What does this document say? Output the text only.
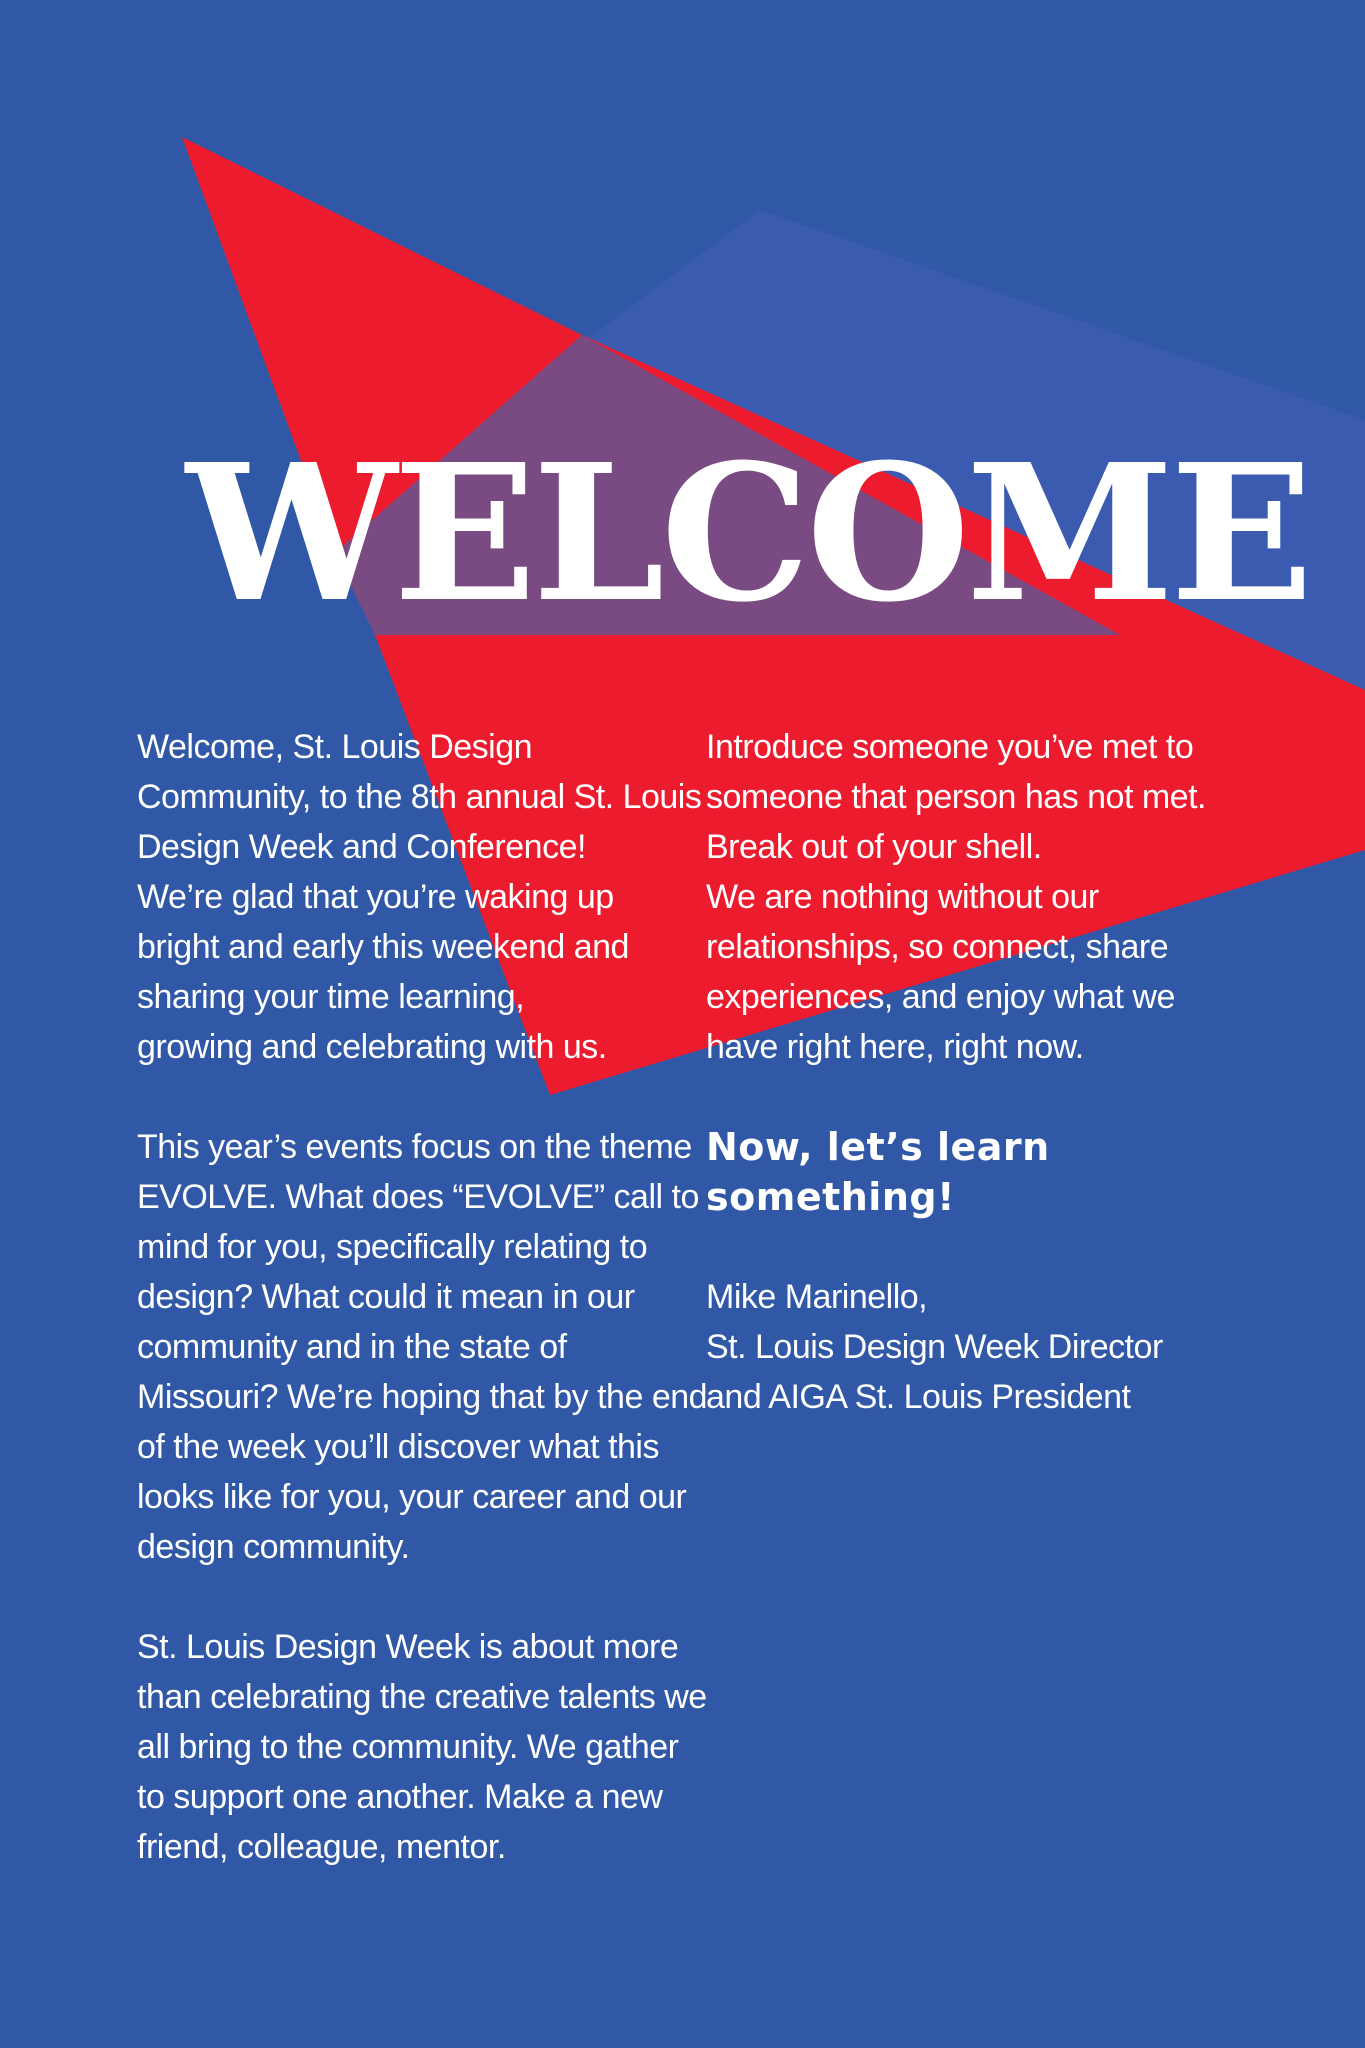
WELCOME

Welcome, St. Louis Design
Community, to the 8th annual St. Louis
Design Week and Conference!
We’re glad that you’re waking up
bright and early this weekend and
sharing your time learning,
growing and celebrating with us.

This year’s events focus on the theme
EVOLVE. What does “EVOLVE” call to
mind for you, specifically relating to
design? What could it mean in our
community and in the state of
Missouri? We’re hoping that by the end
of the week you’ll discover what this
looks like for you, your career and our
design community.

St. Louis Design Week is about more
than celebrating the creative talents we
all bring to the community. We gather
to support one another. Make a new
friend, colleague, mentor.

Introduce someone you’ve met to
someone that person has not met.
Break out of your shell.
We are nothing without our
relationships, so connect, share
experiences, and enjoy what we
have right here, right now.

Now, let’s learn
something!

Mike Marinello,
St. Louis Design Week Director
and AIGA St. Louis President
